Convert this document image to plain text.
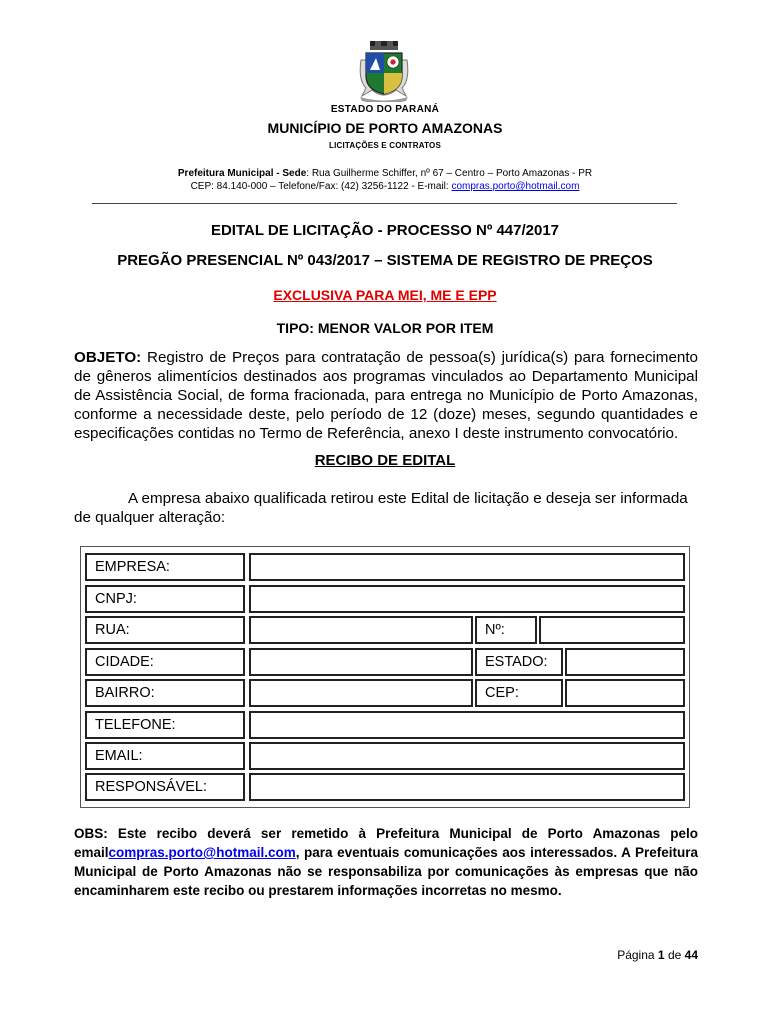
ESTADO DO PARANÁ
MUNICÍPIO DE PORTO AMAZONAS
LICITAÇÕES E CONTRATOS
Prefeitura Municipal - Sede: Rua Guilherme Schiffer, nº 67 – Centro – Porto Amazonas - PR
CEP: 84.140-000 – Telefone/Fax: (42) 3256-1122 - E-mail: compras.porto@hotmail.com
EDITAL DE LICITAÇÃO - PROCESSO Nº 447/2017
PREGÃO PRESENCIAL Nº 043/2017 – SISTEMA DE REGISTRO DE PREÇOS
EXCLUSIVA PARA MEI, ME E EPP
TIPO: MENOR VALOR POR ITEM
OBJETO: Registro de Preços para contratação de pessoa(s) jurídica(s) para fornecimento de gêneros alimentícios destinados aos programas vinculados ao Departamento Municipal de Assistência Social, de forma fracionada, para entrega no Município de Porto Amazonas, conforme a necessidade deste, pelo período de 12 (doze) meses, segundo quantidades e especificações contidas no Termo de Referência, anexo I deste instrumento convocatório.
RECIBO DE EDITAL
A empresa abaixo qualificada retirou este Edital de licitação e deseja ser informada de qualquer alteração:
EMPRESA:
CNPJ:
RUA:	Nº:
CIDADE:	ESTADO:
BAIRRO:	CEP:
TELEFONE:
EMAIL:
RESPONSÁVEL:
OBS: Este recibo deverá ser remetido à Prefeitura Municipal de Porto Amazonas pelo emailcompras.porto@hotmail.com, para eventuais comunicações aos interessados. A Prefeitura Municipal de Porto Amazonas não se responsabiliza por comunicações às empresas que não encaminharem este recibo ou prestarem informações incorretas no mesmo.
Página 1 de 44
